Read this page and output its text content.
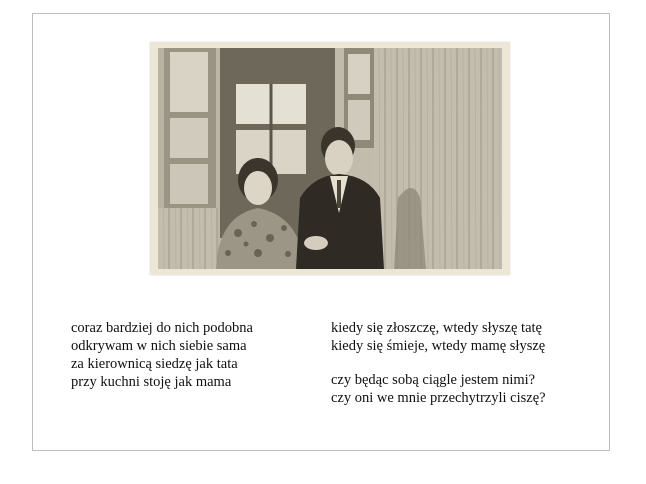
coraz bardziej do nich podobna
odkrywam w nich siebie sama
za kierownicą siedzę jak tata
przy kuchni stoję jak mama
kiedy się złoszczę, wtedy słyszę tatę
kiedy się śmieje, wtedy mamę słyszę
czy będąc sobą ciągle jestem nimi?
czy oni we mnie przechytrzyli ciszę?
